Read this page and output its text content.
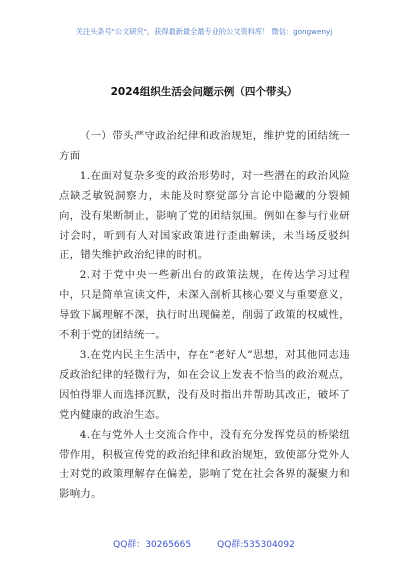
关注头条号"公文研究"，获得最新最全最专业的公文资料库！ 微信：gongwenyj
2024组织生活会问题示例（四个带头）

（一）带头严守政治纪律和政治规矩，维护党的团结统一方面

1.在面对复杂多变的政治形势时，对一些潜在的政治风险点缺乏敏锐洞察力，未能及时察觉部分言论中隐藏的分裂倾向，没有果断制止，影响了党的团结氛围。例如在参与行业研讨会时，听到有人对国家政策进行歪曲解读，未当场反驳纠正，错失维护政治纪律的时机。

2.对于党中央一些新出台的政策法规，在传达学习过程中，只是简单宣读文件，未深入剖析其核心要义与重要意义，导致下属理解不深，执行时出现偏差，削弱了政策的权威性，不利于党的团结统一。

3.在党内民主生活中，存在“老好人”思想，对其他同志违反政治纪律的轻微行为，如在会议上发表不恰当的政治观点，因怕得罪人而选择沉默，没有及时指出并帮助其改正，破坏了党内健康的政治生态。

4.在与党外人士交流合作中，没有充分发挥党员的桥梁纽带作用，积极宣传党的政治纪律和政治规矩，致使部分党外人士对党的政策理解存在偏差，影响了党在社会各界的凝聚力和影响力。

QQ群：30265665	QQ群:535304092
